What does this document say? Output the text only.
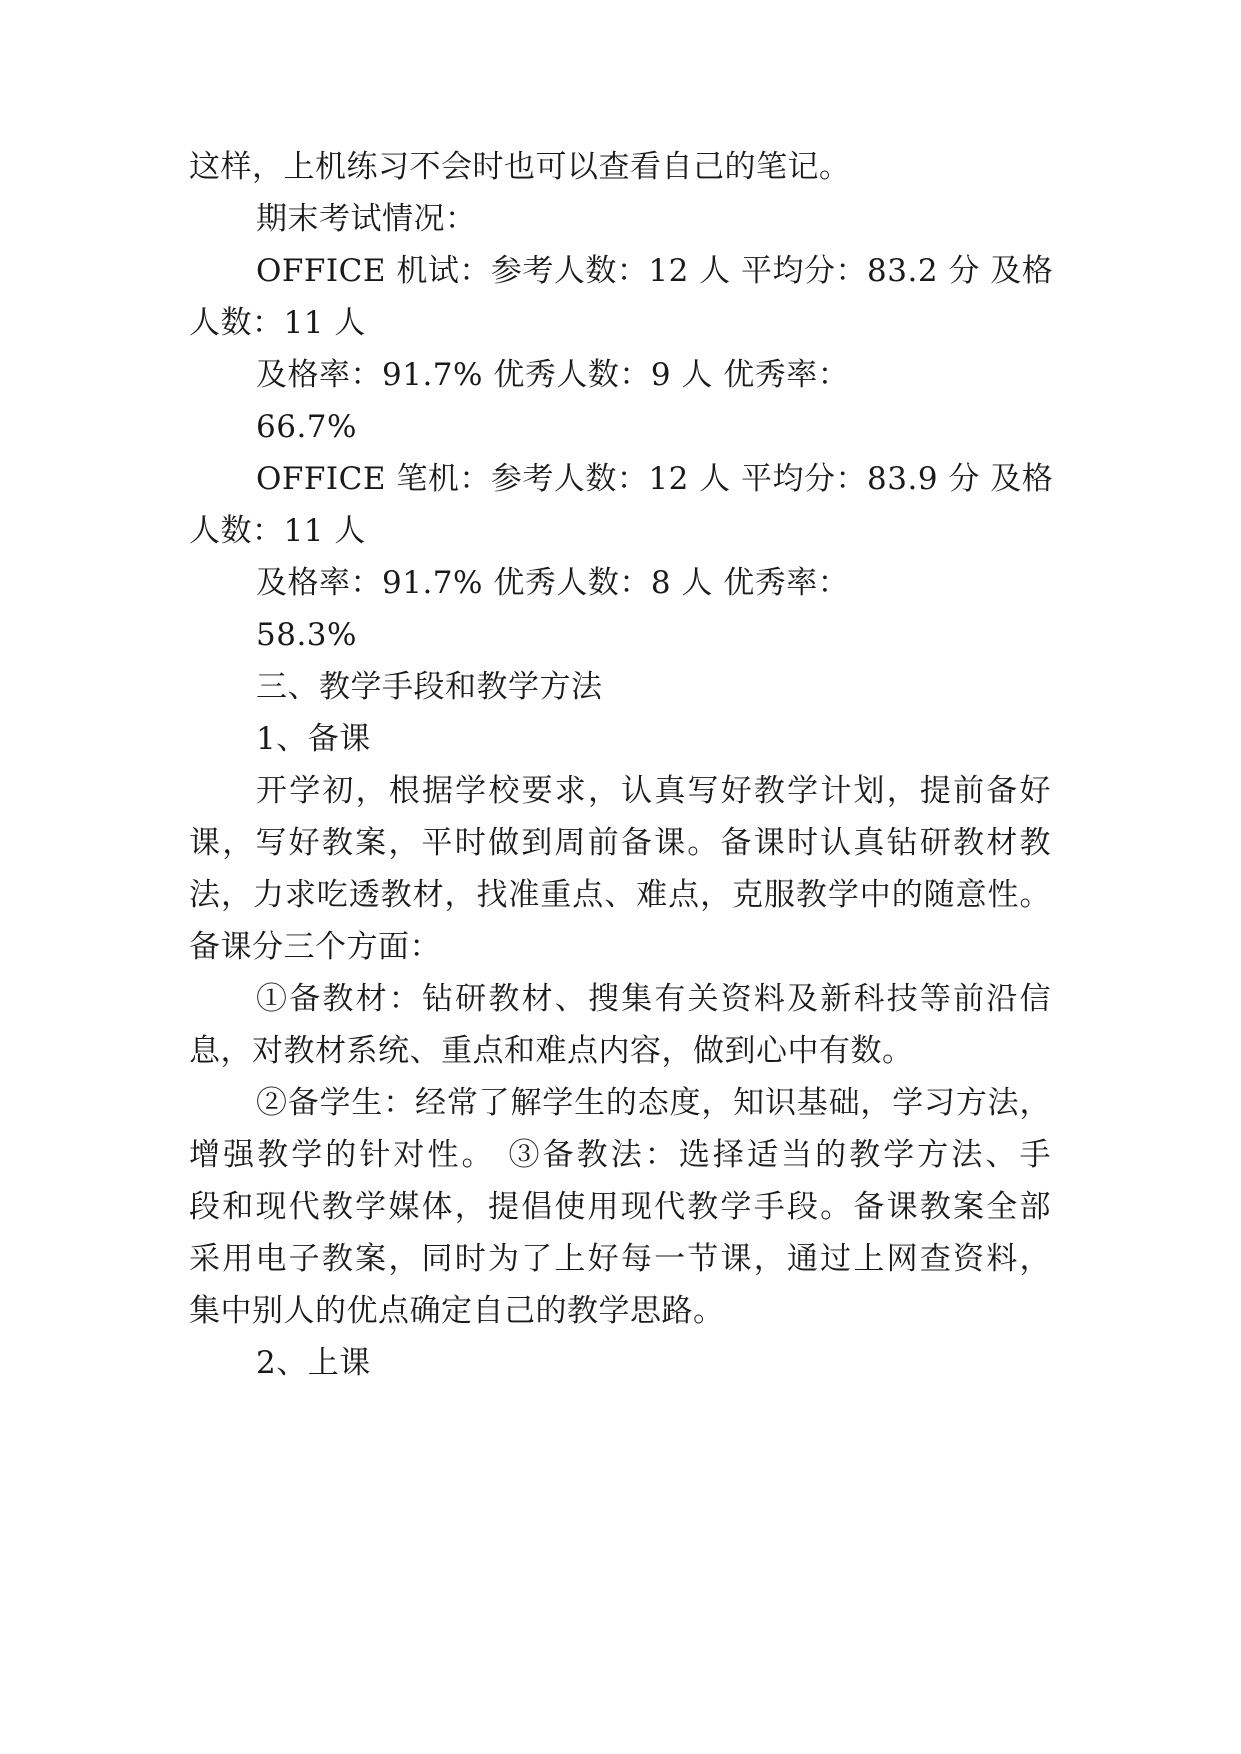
这样，上机练习不会时也可以查看自己的笔记。
期末考试情况：
OFFICE 机试：参考人数：12 人 平均分：83.2 分 及格
人数：11 人
及格率：91.7% 优秀人数：9 人 优秀率：
66.7%
OFFICE 笔机：参考人数：12 人 平均分：83.9 分 及格
人数：11 人
及格率：91.7% 优秀人数：8 人 优秀率：
58.3%
三、教学手段和教学方法
1、备课
开学初，根据学校要求，认真写好教学计划，提前备好
课，写好教案，平时做到周前备课。备课时认真钻研教材教
法，力求吃透教材，找准重点、难点，克服教学中的随意性。
备课分三个方面：
①备教材：钻研教材、搜集有关资料及新科技等前沿信
息，对教材系统、重点和难点内容，做到心中有数。
②备学生：经常了解学生的态度，知识基础，学习方法，
增强教学的针对性。 ③备教法：选择适当的教学方法、手
段和现代教学媒体，提倡使用现代教学手段。备课教案全部
采用电子教案，同时为了上好每一节课，通过上网查资料，
集中别人的优点确定自己的教学思路。
2、上课
